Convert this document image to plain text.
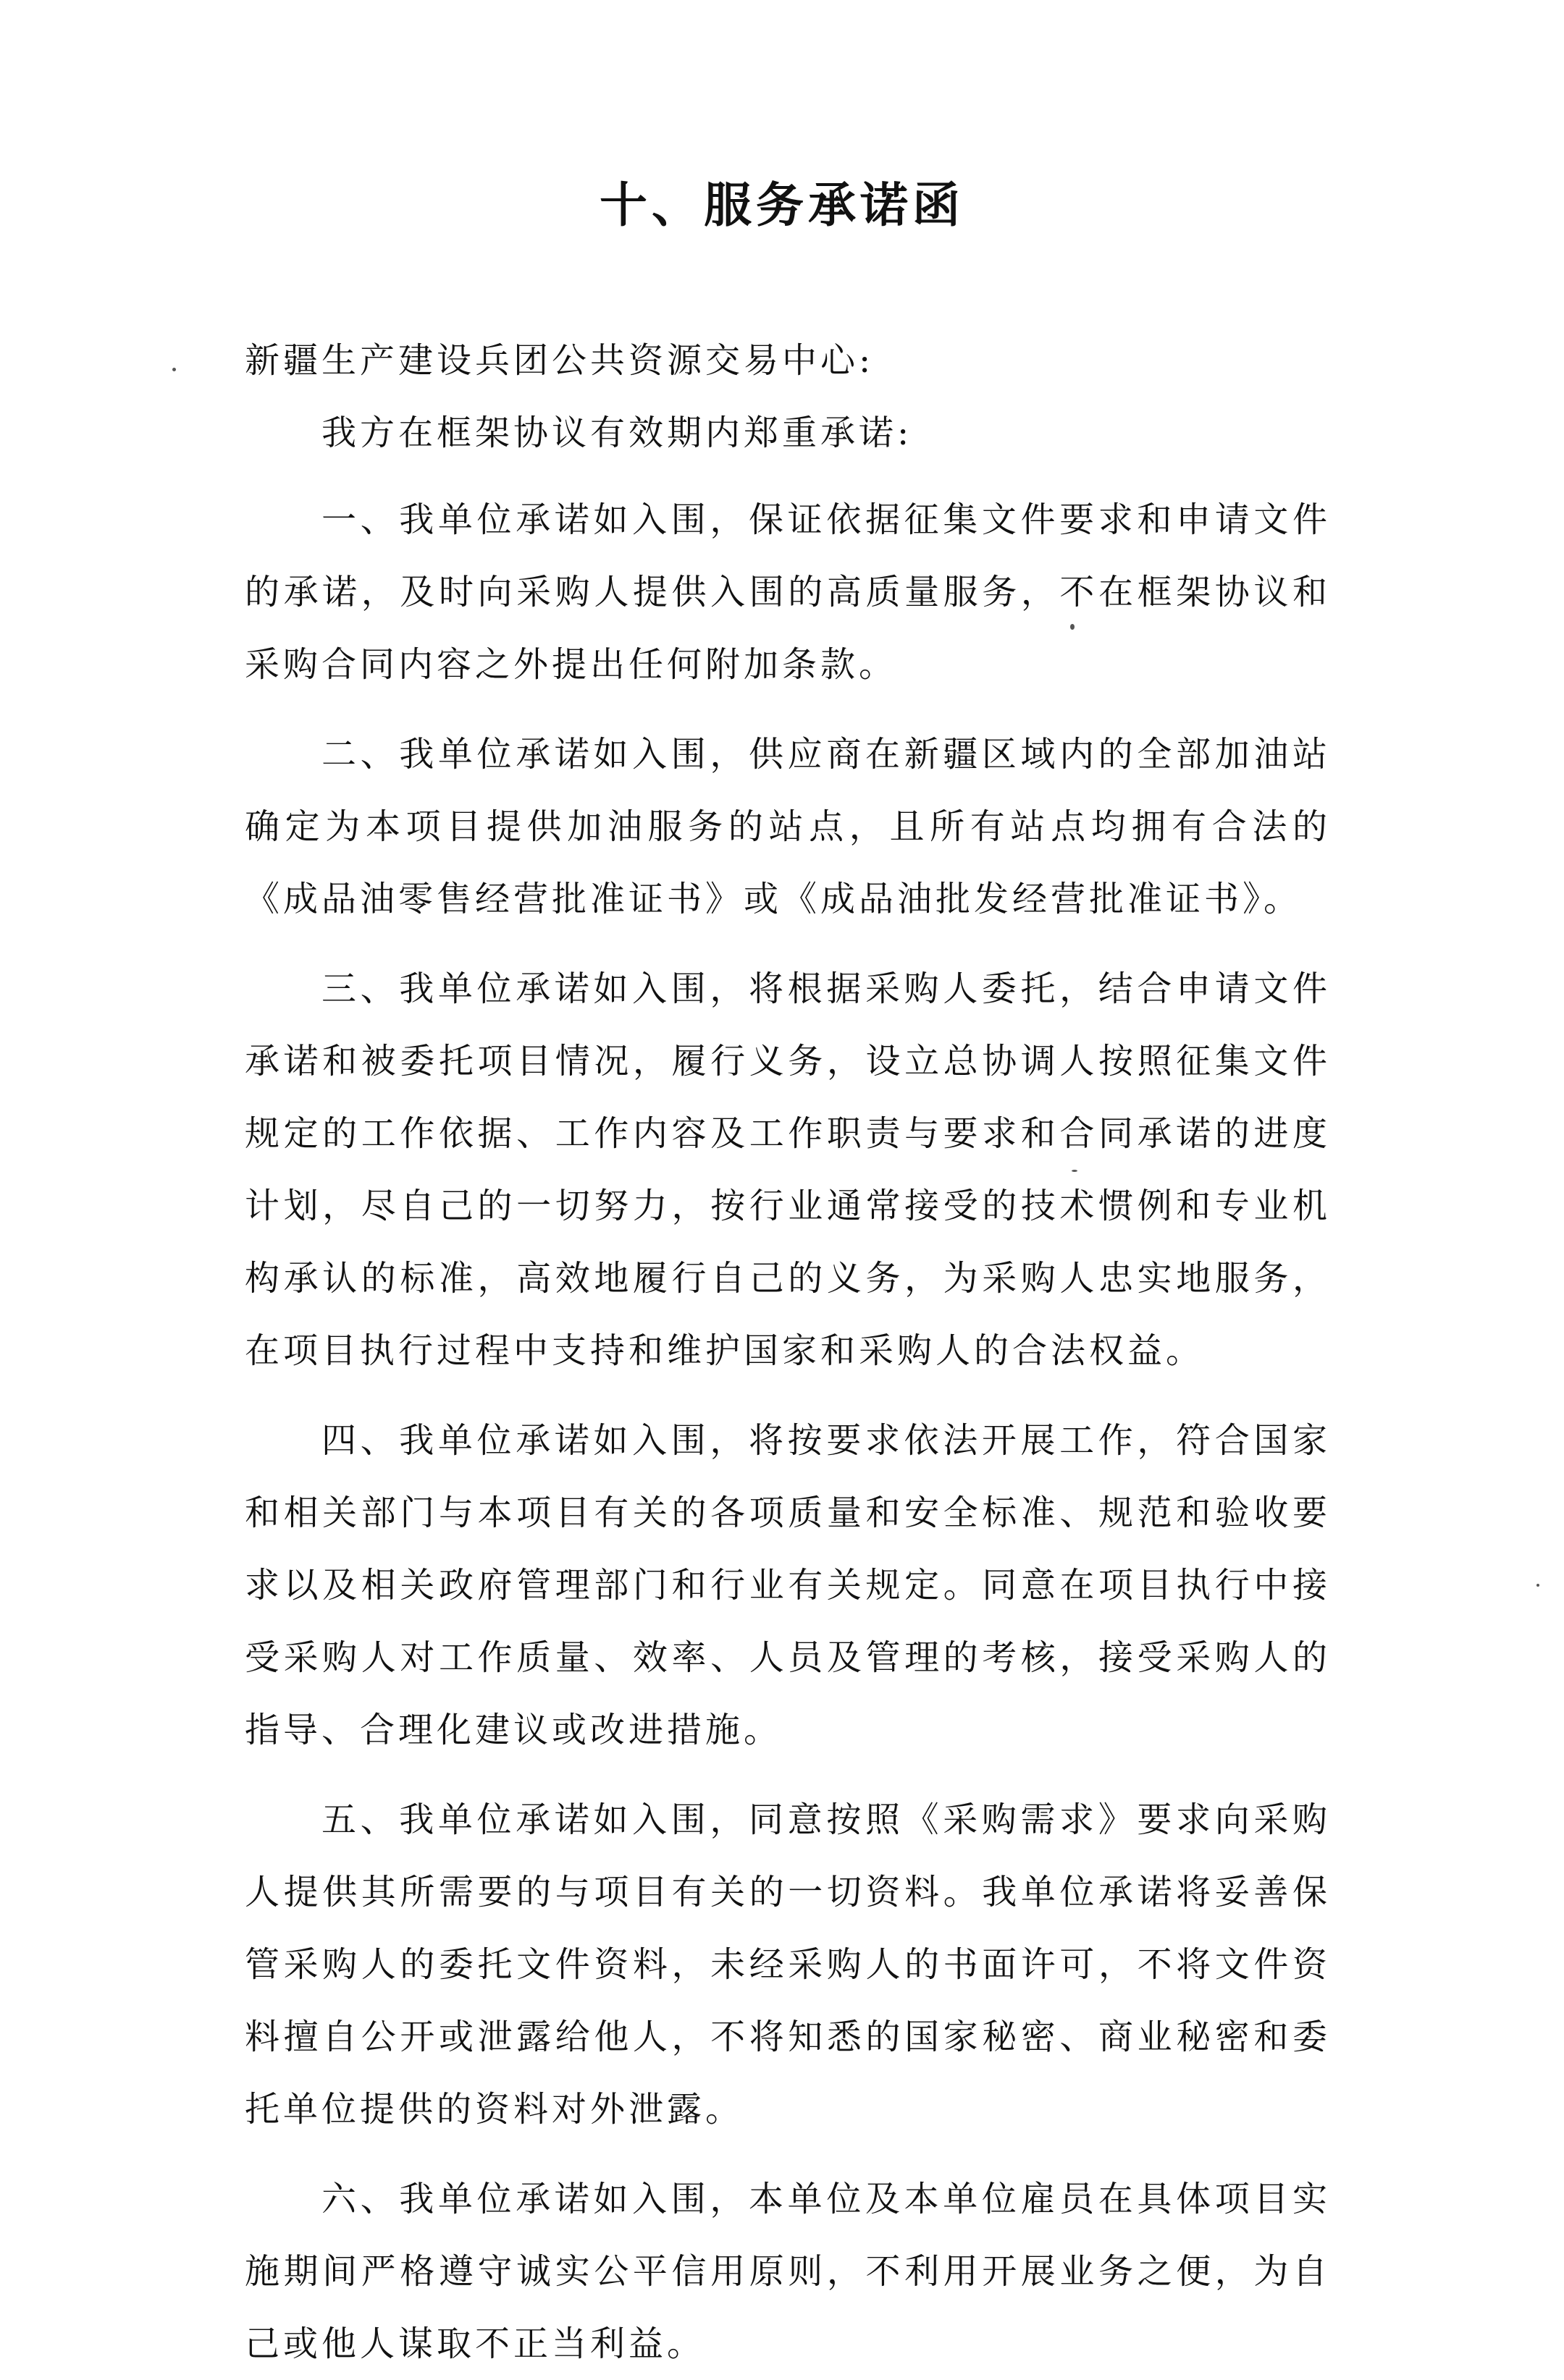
十、服务承诺函

新疆生产建设兵团公共资源交易中心:

我方在框架协议有效期内郑重承诺:

一、我单位承诺如入围，保证依据征集文件要求和申请文件的承诺，及时向采购人提供入围的高质量服务，不在框架协议和采购合同内容之外提出任何附加条款。

二、我单位承诺如入围，供应商在新疆区域内的全部加油站确定为本项目提供加油服务的站点，且所有站点均拥有合法的《成品油零售经营批准证书》或《成品油批发经营批准证书》。

三、我单位承诺如入围，将根据采购人委托，结合申请文件承诺和被委托项目情况，履行义务，设立总协调人按照征集文件规定的工作依据、工作内容及工作职责与要求和合同承诺的进度计划，尽自己的一切努力，按行业通常接受的技术惯例和专业机构承认的标准，高效地履行自己的义务，为采购人忠实地服务，在项目执行过程中支持和维护国家和采购人的合法权益。

四、我单位承诺如入围，将按要求依法开展工作，符合国家和相关部门与本项目有关的各项质量和安全标准、规范和验收要求以及相关政府管理部门和行业有关规定。同意在项目执行中接受采购人对工作质量、效率、人员及管理的考核，接受采购人的指导、合理化建议或改进措施。

五、我单位承诺如入围，同意按照《采购需求》要求向采购人提供其所需要的与项目有关的一切资料。我单位承诺将妥善保管采购人的委托文件资料，未经采购人的书面许可，不将文件资料擅自公开或泄露给他人，不将知悉的国家秘密、商业秘密和委托单位提供的资料对外泄露。

六、我单位承诺如入围，本单位及本单位雇员在具体项目实施期间严格遵守诚实公平信用原则，不利用开展业务之便，为自己或他人谋取不正当利益。
